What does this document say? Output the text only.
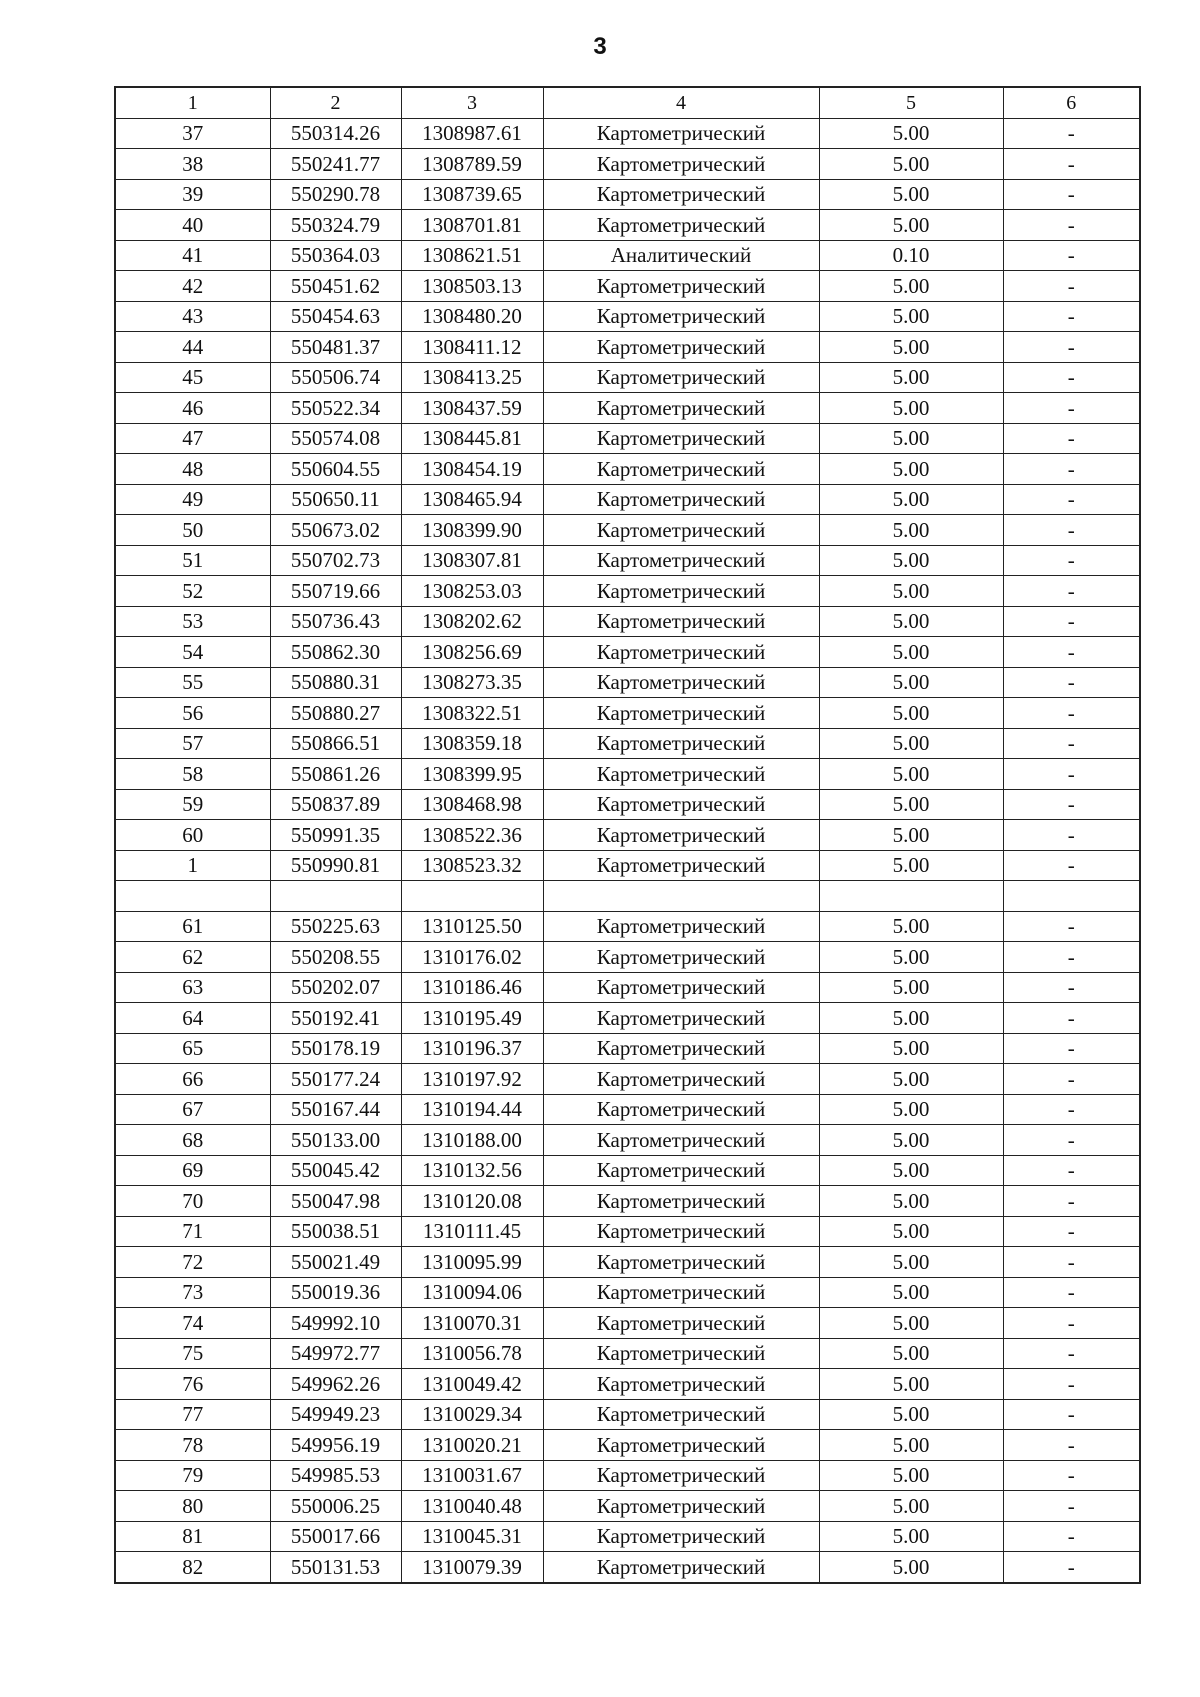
3
1	2	3	4	5	6
37	550314.26	1308987.61	Картометрический	5.00	-
38	550241.77	1308789.59	Картометрический	5.00	-
39	550290.78	1308739.65	Картометрический	5.00	-
40	550324.79	1308701.81	Картометрический	5.00	-
41	550364.03	1308621.51	Аналитический	0.10	-
42	550451.62	1308503.13	Картометрический	5.00	-
43	550454.63	1308480.20	Картометрический	5.00	-
44	550481.37	1308411.12	Картометрический	5.00	-
45	550506.74	1308413.25	Картометрический	5.00	-
46	550522.34	1308437.59	Картометрический	5.00	-
47	550574.08	1308445.81	Картометрический	5.00	-
48	550604.55	1308454.19	Картометрический	5.00	-
49	550650.11	1308465.94	Картометрический	5.00	-
50	550673.02	1308399.90	Картометрический	5.00	-
51	550702.73	1308307.81	Картометрический	5.00	-
52	550719.66	1308253.03	Картометрический	5.00	-
53	550736.43	1308202.62	Картометрический	5.00	-
54	550862.30	1308256.69	Картометрический	5.00	-
55	550880.31	1308273.35	Картометрический	5.00	-
56	550880.27	1308322.51	Картометрический	5.00	-
57	550866.51	1308359.18	Картометрический	5.00	-
58	550861.26	1308399.95	Картометрический	5.00	-
59	550837.89	1308468.98	Картометрический	5.00	-
60	550991.35	1308522.36	Картометрический	5.00	-
1	550990.81	1308523.32	Картометрический	5.00	-

61	550225.63	1310125.50	Картометрический	5.00	-
62	550208.55	1310176.02	Картометрический	5.00	-
63	550202.07	1310186.46	Картометрический	5.00	-
64	550192.41	1310195.49	Картометрический	5.00	-
65	550178.19	1310196.37	Картометрический	5.00	-
66	550177.24	1310197.92	Картометрический	5.00	-
67	550167.44	1310194.44	Картометрический	5.00	-
68	550133.00	1310188.00	Картометрический	5.00	-
69	550045.42	1310132.56	Картометрический	5.00	-
70	550047.98	1310120.08	Картометрический	5.00	-
71	550038.51	1310111.45	Картометрический	5.00	-
72	550021.49	1310095.99	Картометрический	5.00	-
73	550019.36	1310094.06	Картометрический	5.00	-
74	549992.10	1310070.31	Картометрический	5.00	-
75	549972.77	1310056.78	Картометрический	5.00	-
76	549962.26	1310049.42	Картометрический	5.00	-
77	549949.23	1310029.34	Картометрический	5.00	-
78	549956.19	1310020.21	Картометрический	5.00	-
79	549985.53	1310031.67	Картометрический	5.00	-
80	550006.25	1310040.48	Картометрический	5.00	-
81	550017.66	1310045.31	Картометрический	5.00	-
82	550131.53	1310079.39	Картометрический	5.00	-
